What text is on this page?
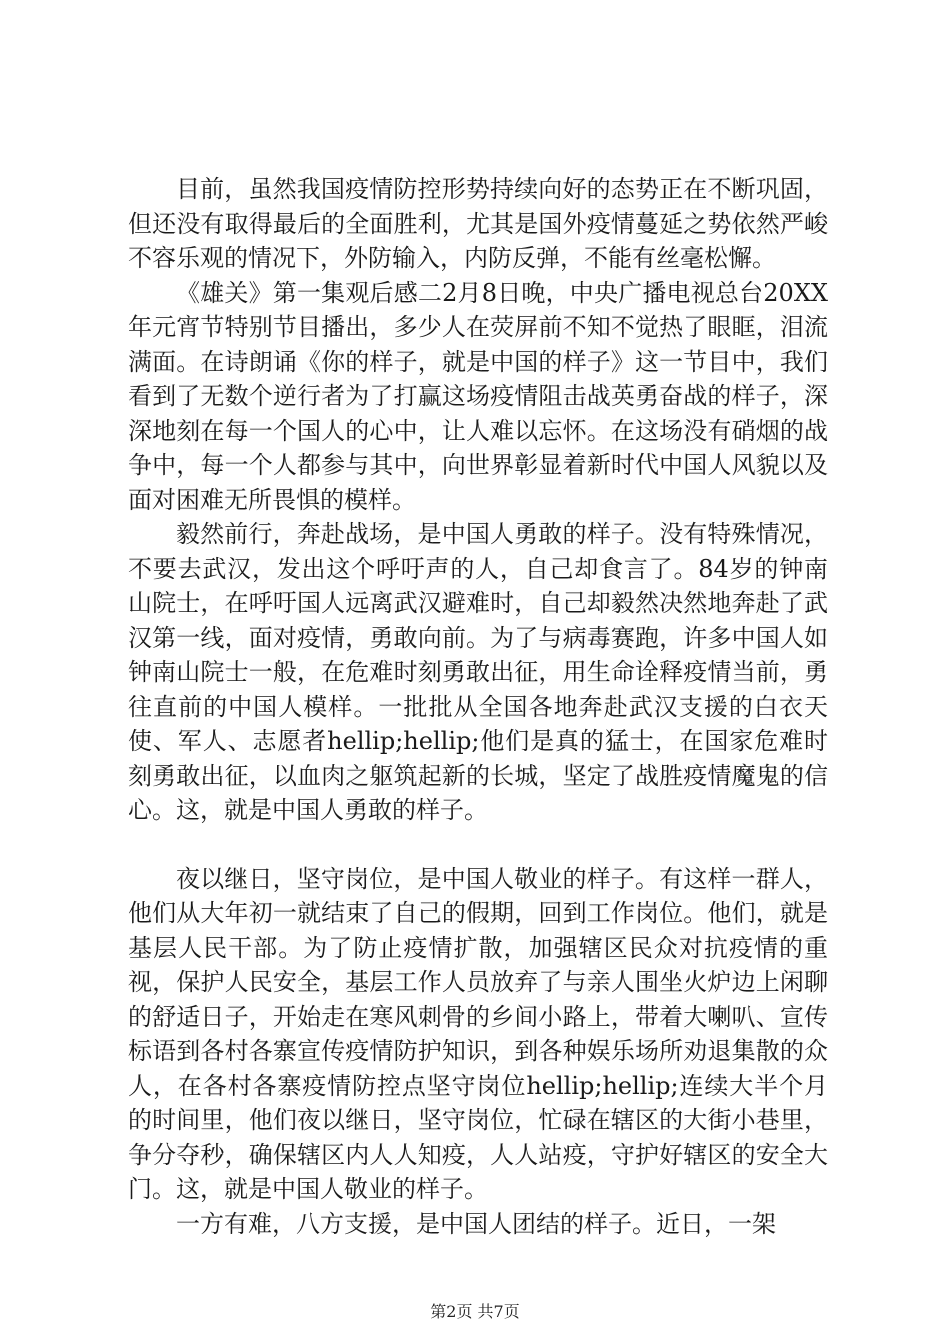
目前，虽然我国疫情防控形势持续向好的态势正在不断巩固，但还没有取得最后的全面胜利，尤其是国外疫情蔓延之势依然严峻不容乐观的情况下，外防输入，内防反弹，不能有丝毫松懈。

《雄关》第一集观后感二2月8日晚，中央广播电视总台20XX年元宵节特别节目播出，多少人在荧屏前不知不觉热了眼眶，泪流满面。在诗朗诵《你的样子，就是中国的样子》这一节目中，我们看到了无数个逆行者为了打赢这场疫情阻击战英勇奋战的样子，深深地刻在每一个国人的心中，让人难以忘怀。在这场没有硝烟的战争中，每一个人都参与其中，向世界彰显着新时代中国人风貌以及面对困难无所畏惧的模样。

毅然前行，奔赴战场，是中国人勇敢的样子。没有特殊情况，不要去武汉，发出这个呼吁声的人，自己却食言了。84岁的钟南山院士，在呼吁国人远离武汉避难时，自己却毅然决然地奔赴了武汉第一线，面对疫情，勇敢向前。为了与病毒赛跑，许多中国人如钟南山院士一般，在危难时刻勇敢出征，用生命诠释疫情当前，勇往直前的中国人模样。一批批从全国各地奔赴武汉支援的白衣天使、军人、志愿者hellip;hellip;他们是真的猛士，在国家危难时刻勇敢出征，以血肉之躯筑起新的长城，坚定了战胜疫情魔鬼的信心。这，就是中国人勇敢的样子。

夜以继日，坚守岗位，是中国人敬业的样子。有这样一群人，他们从大年初一就结束了自己的假期，回到工作岗位。他们，就是基层人民干部。为了防止疫情扩散，加强辖区民众对抗疫情的重视，保护人民安全，基层工作人员放弃了与亲人围坐火炉边上闲聊的舒适日子，开始走在寒风刺骨的乡间小路上，带着大喇叭、宣传标语到各村各寨宣传疫情防护知识，到各种娱乐场所劝退集散的众人，在各村各寨疫情防控点坚守岗位hellip;hellip;连续大半个月的时间里，他们夜以继日，坚守岗位，忙碌在辖区的大街小巷里，争分夺秒，确保辖区内人人知疫，人人站疫，守护好辖区的安全大门。这，就是中国人敬业的样子。

一方有难，八方支援，是中国人团结的样子。近日，一架

第2页 共7页
